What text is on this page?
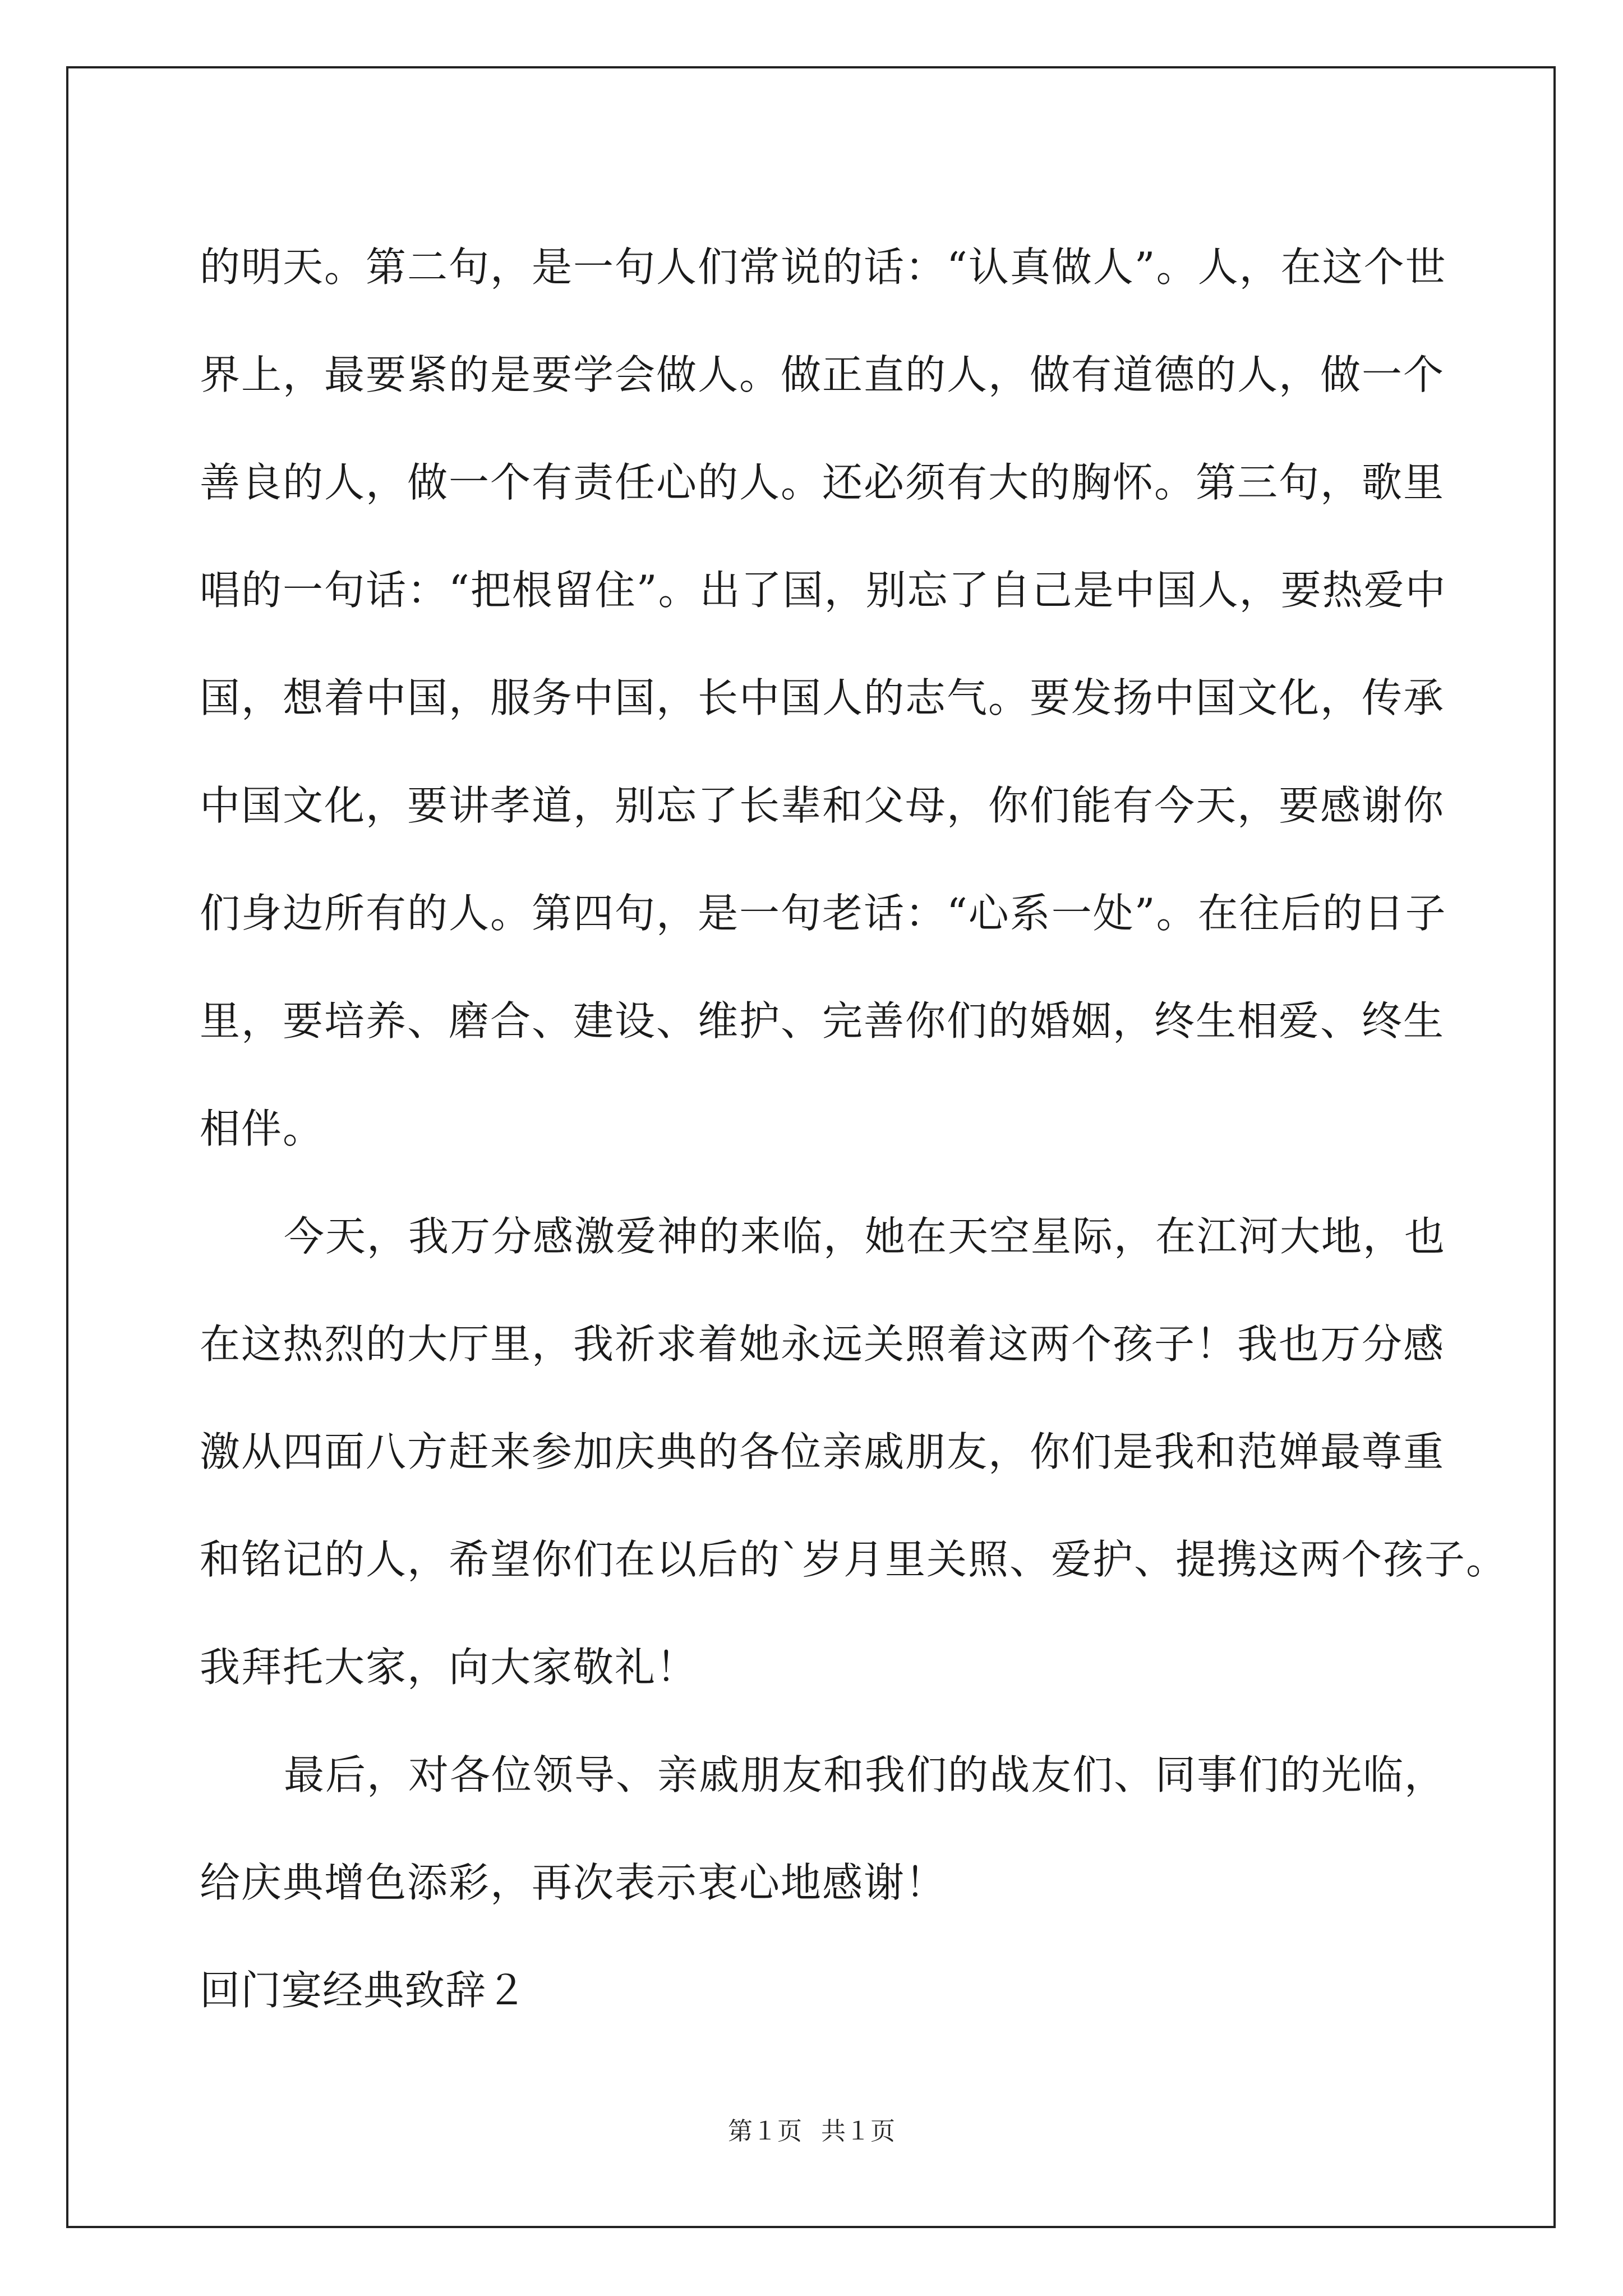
的明天。第二句，是一句人们常说的话：“认真做人”。人，在这个世
界上，最要紧的是要学会做人。做正直的人，做有道德的人，做一个
善良的人，做一个有责任心的人。还必须有大的胸怀。第三句，歌里
唱的一句话：“把根留住”。出了国，别忘了自己是中国人，要热爱中
国，想着中国，服务中国，长中国人的志气。要发扬中国文化，传承
中国文化，要讲孝道，别忘了长辈和父母，你们能有今天，要感谢你
们身边所有的人。第四句，是一句老话：“心系一处”。在往后的日子
里，要培养、磨合、建设、维护、完善你们的婚姻，终生相爱、终生
相伴。
今天，我万分感激爱神的来临，她在天空星际，在江河大地，也
在这热烈的大厅里，我祈求着她永远关照着这两个孩子！我也万分感
激从四面八方赶来参加庆典的各位亲戚朋友，你们是我和范婵最尊重
和铭记的人，希望你们在以后的`岁月里关照、爱护、提携这两个孩子。
我拜托大家，向大家敬礼！
最后，对各位领导、亲戚朋友和我们的战友们、同事们的光临，
给庆典增色添彩，再次表示衷心地感谢！
回门宴经典致辞２
第１页 共１页
